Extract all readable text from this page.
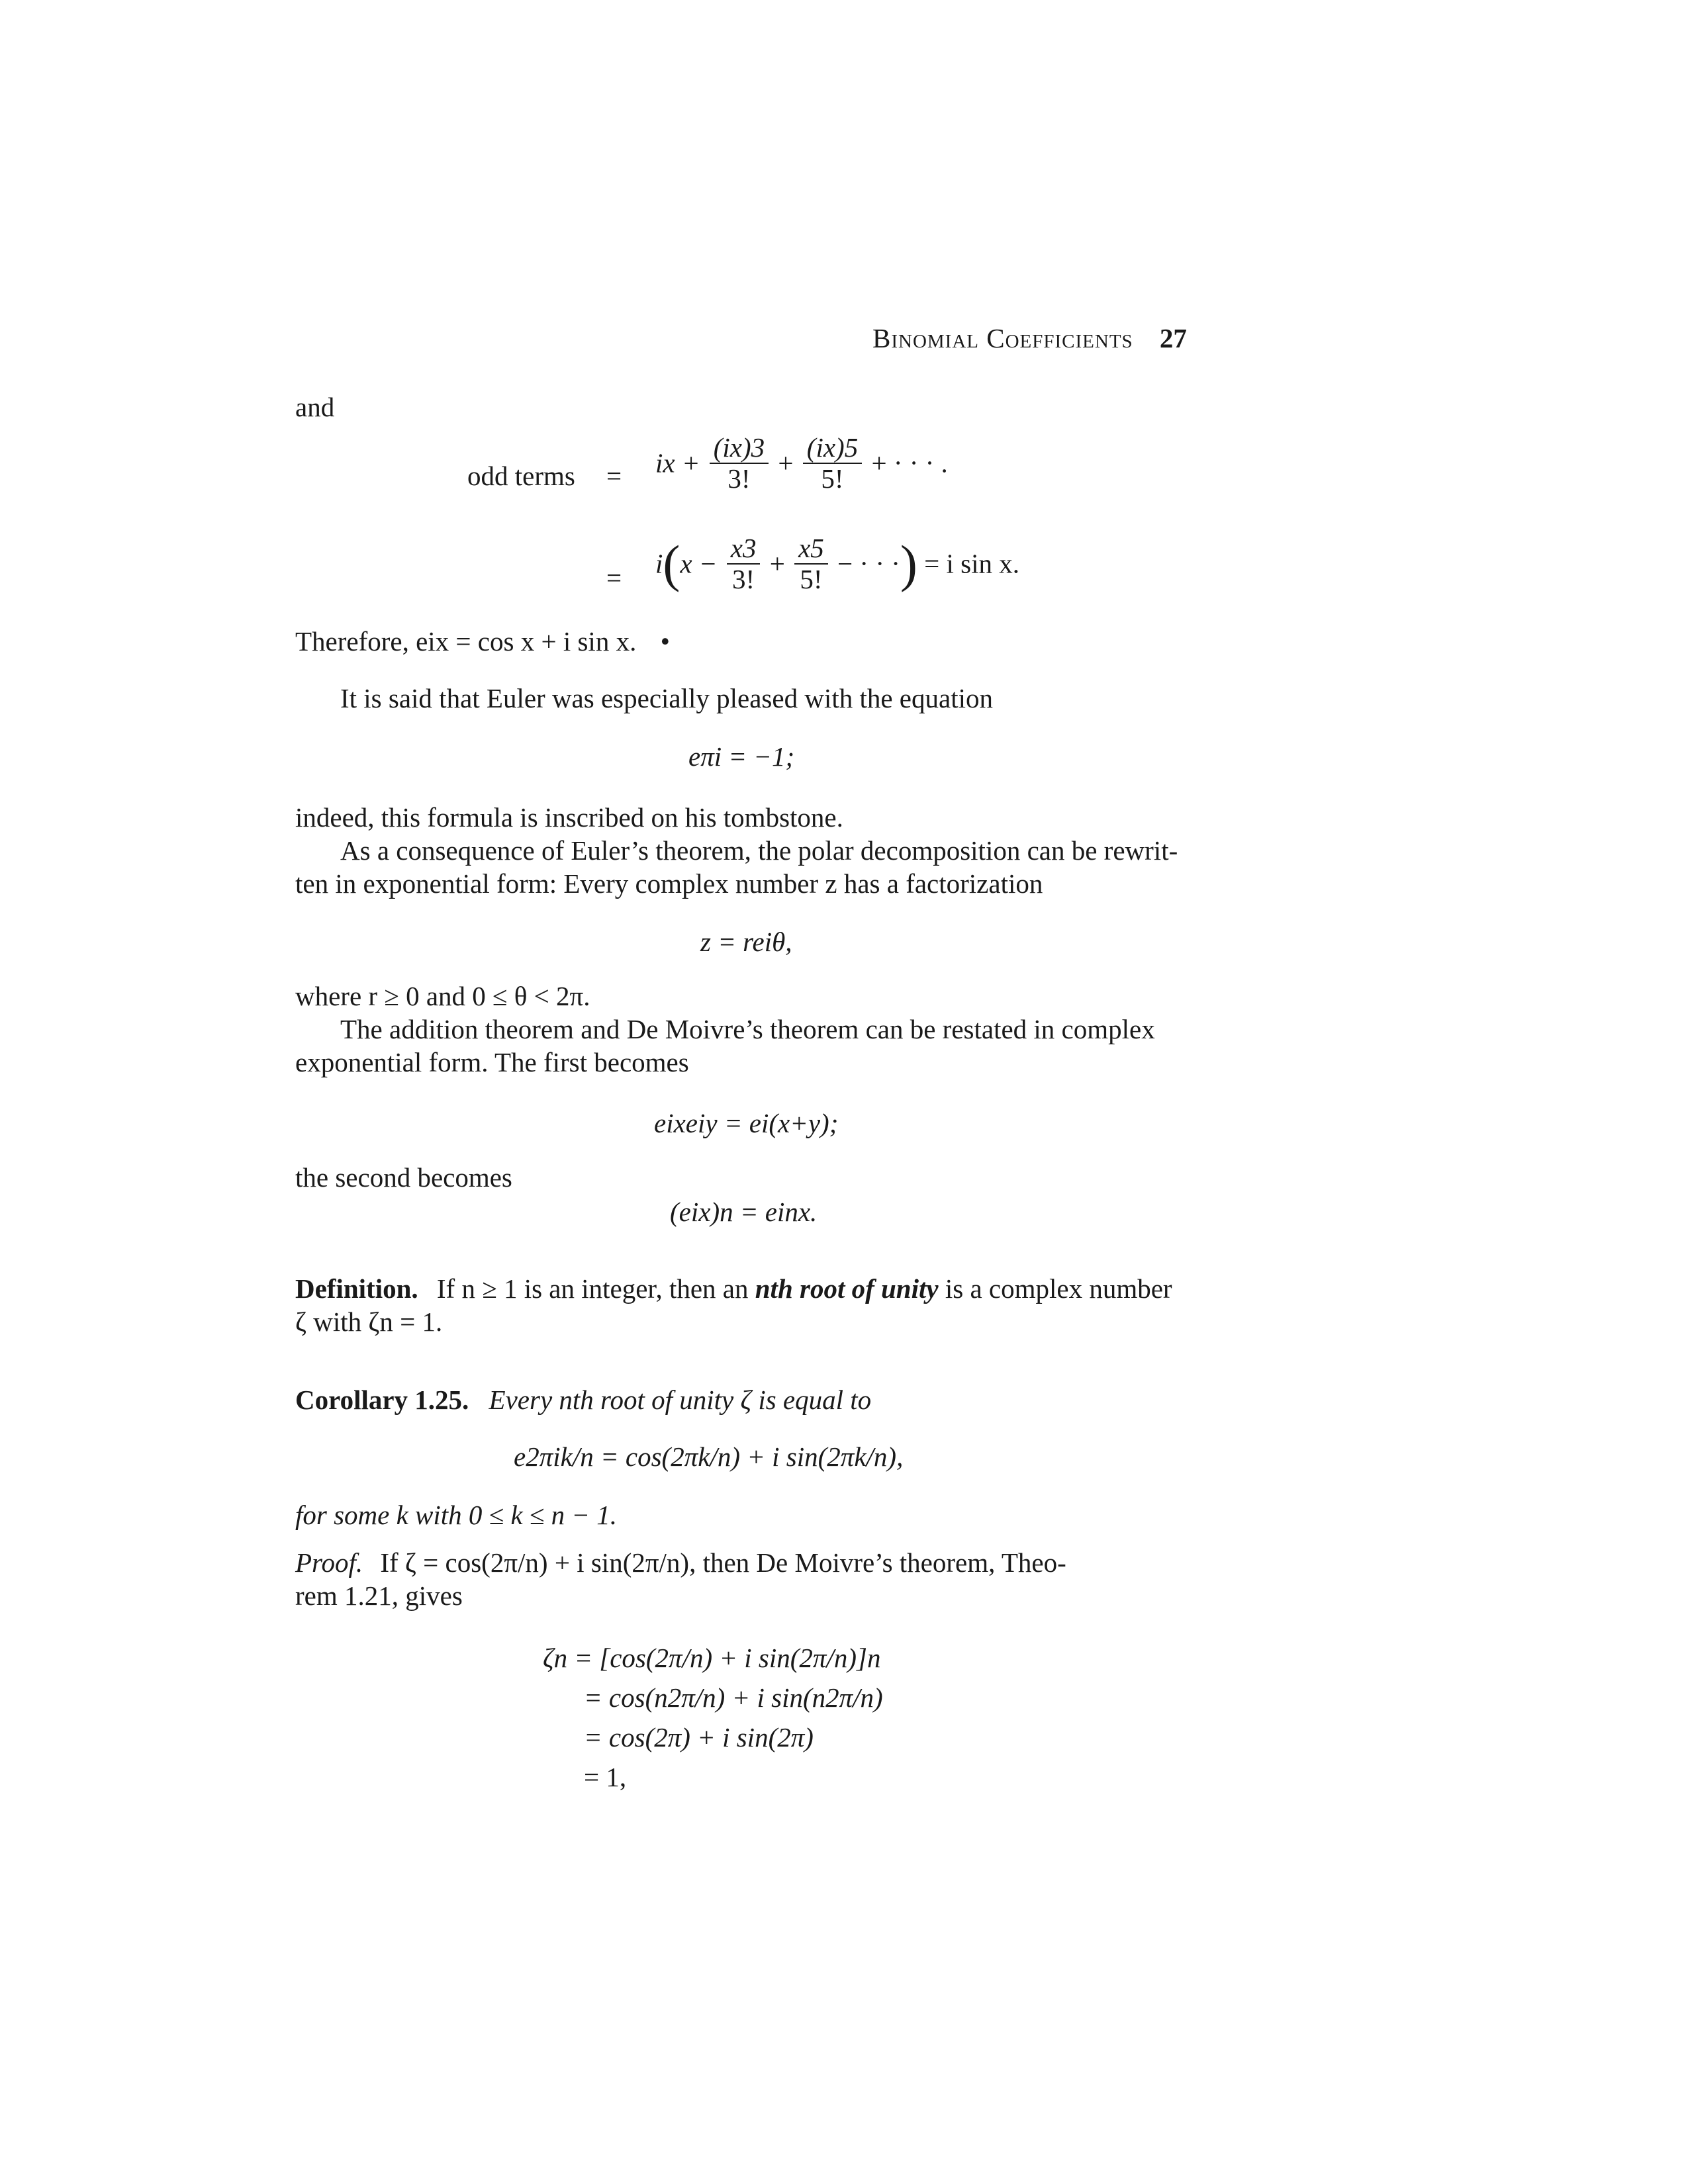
Binomial Coefficients 27
and
odd terms = ix + $\frac{(ix)3}{3!} + \frac{(ix)5}{5!}$ + · · · .
= $i(x - \frac{x3}{3!} + \frac{x5}{5!}$ − · · ·) = i sin x.
Therefore, eix = cos x + i sin x. •
It is said that Euler was especially pleased with the equation
eπi = −1;
indeed, this formula is inscribed on his tombstone.
As a consequence of Euler’s theorem, the polar decomposition can be rewrit-
ten in exponential form: Every complex number z has a factorization
z = reiθ,
where r ≥ 0 and 0 ≤ θ < 2π.
The addition theorem and De Moivre’s theorem can be restated in complex
exponential form. The first becomes
eixeiy = ei(x+y);
the second becomes
(eix)n = einx.
Definition. If n ≥ 1 is an integer, then an nth root of unity is a complex number
ζ with ζn = 1.
Corollary 1.25. Every nth root of unity ζ is equal to
e2πik/n = cos(2πk/n) + i sin(2πk/n),
for some k with 0 ≤ k ≤ n − 1.
Proof. If ζ = cos(2π/n) + i sin(2π/n), then De Moivre’s theorem, Theo-
rem 1.21, gives
ζn = [cos(2π/n) + i sin(2π/n)]n
= cos(n2π/n) + i sin(n2π/n)
= cos(2π) + i sin(2π)
= 1,
